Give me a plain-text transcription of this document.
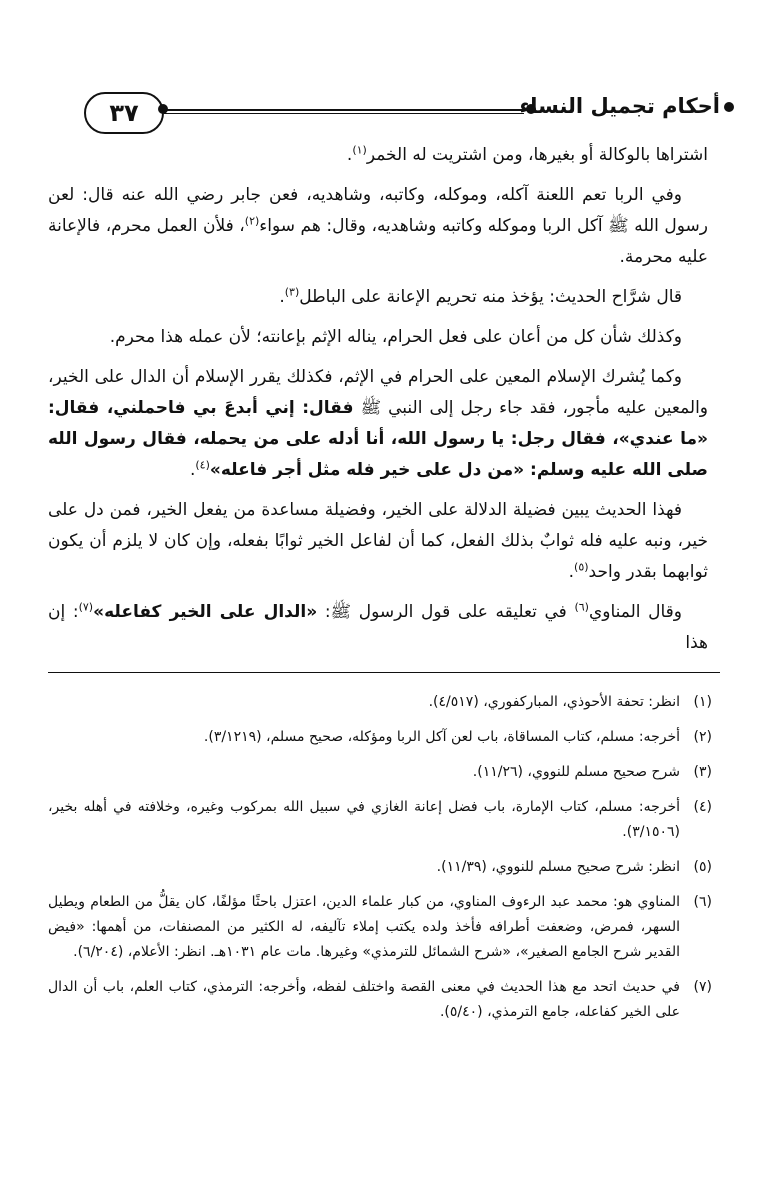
٣٧	أحكام تجميل النساء

اشتراها بالوكالة أو بغيرها، ومن اشتريت له الخمر$^{(١)}$.

وفي الربا تعم اللعنة آكله، وموكله، وكاتبه، وشاهديه، فعن جابر رضي الله عنه قال: لعن رسول الله ﷺ آكل الربا وموكله وكاتبه وشاهديه، وقال: هم سواء$^{(٢)}$، فلأن العمل محرم، فالإعانة عليه محرمة.

قال شرَّاح الحديث: يؤخذ منه تحريم الإعانة على الباطل$^{(٣)}$.

وكذلك شأن كل من أعان على فعل الحرام، يناله الإثم بإعانته؛ لأن عمله هذا محرم.

وكما يُشرك الإسلام المعين على الحرام في الإثم، فكذلك يقرر الإسلام أن الدال على الخير، والمعين عليه مأجور، فقد جاء رجل إلى النبي ﷺ فقال: إني أبدعَ بي فاحملني، فقال: «ما عندي»، فقال رجل: يا رسول الله، أنا أدله على من يحمله، فقال رسول الله صلى الله عليه وسلم: «من دل على خير فله مثل أجر فاعله»$^{(٤)}$.

فهذا الحديث يبين فضيلة الدلالة على الخير، وفضيلة مساعدة من يفعل الخير، فمن دل على خير، ونبه عليه فله ثوابٌ بذلك الفعل، كما أن لفاعل الخير ثوابًا بفعله، وإن كان لا يلزم أن يكون ثوابهما بقدر واحد$^{(٥)}$.

وقال المناوي$^{(٦)}$ في تعليقه على قول الرسول ﷺ: «الدال على الخير كفاعله»$^{(٧)}$: إن هذا

(١)
انظر: تحفة الأحوذي، المباركفوري، (٤/٥١٧).
(٢)
أخرجه: مسلم، كتاب المساقاة، باب لعن آكل الربا ومؤكله، صحيح مسلم، (٣/١٢١٩).
(٣)
شرح صحيح مسلم للنووي، (١١/٢٦).
(٤)
أخرجه: مسلم، كتاب الإمارة، باب فضل إعانة الغازي في سبيل الله بمركوب وغيره، وخلافته في أهله بخير، (٣/١٥٠٦).
(٥)
انظر: شرح صحيح مسلم للنووي، (١١/٣٩).
(٦)
المناوي هو: محمد عبد الرءوف المناوي، من كبار علماء الدين، اعتزل باحثًا مؤلفًا، كان يقلُّ من الطعام ويطيل السهر، فمرض، وضعفت أطرافه فأخذ ولده يكتب إملاء تآليفه، له الكثير من المصنفات، من أهمها: «فيض القدير شرح الجامع الصغير»، «شرح الشمائل للترمذي» وغيرها. مات عام ١٠٣١هـ. انظر: الأعلام، (٦/٢٠٤).
(٧)
في حديث اتحد مع هذا الحديث في معنى القصة واختلف لفظه، وأخرجه: الترمذي، كتاب العلم، باب أن الدال على الخير كفاعله، جامع الترمذي، (٥/٤٠).
